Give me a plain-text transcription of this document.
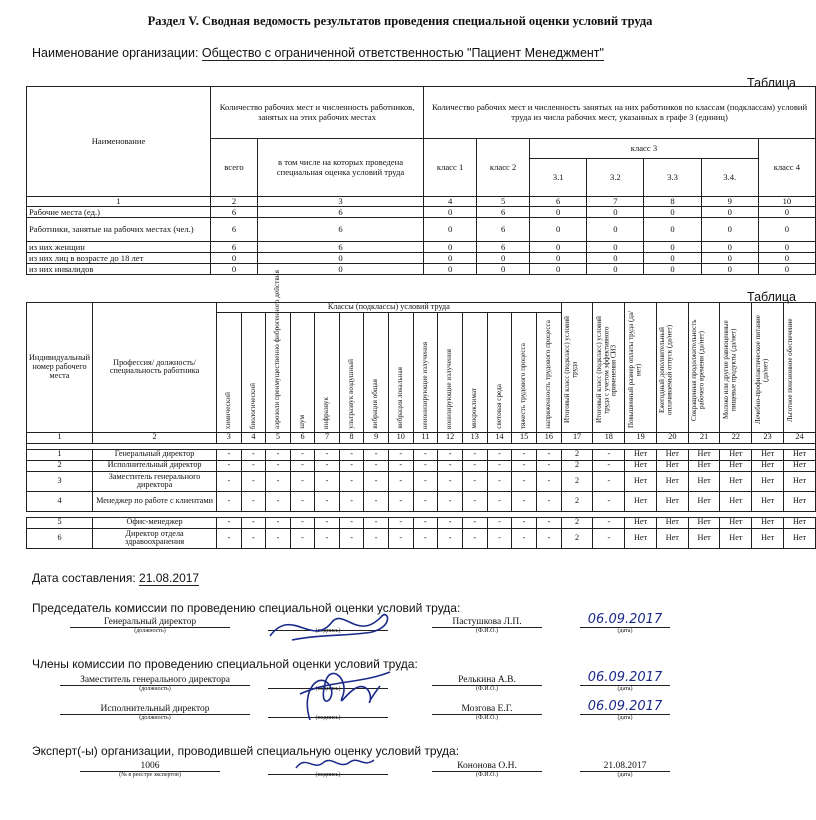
Раздел V. Сводная ведомость результатов проведения специальной оценки условий труда
Наименование организации: Общество с ограниченной ответственностью "Пациент Менеджмент"
Таблица
Наименование	Количество рабочих мест и численность работников, занятых на этих рабочих местах		Количество рабочих мест и численность занятых на них работников по классам (подклассам) условий труда из числа рабочих мест, указанных в графе 3 (единиц)						
	всего	в том числе на которых проведена специальная оценка условий труда	класс 1	класс 2	класс 3				класс 4
					3.1	3.2	3.3	3.4.	
1	2	3	4	5	6	7	8	9	10
Рабочие места (ед.)	6	6	0	6	0	0	0	0	0
Работники, занятые на рабочих местах (чел.)	6	6	0	6	0	0	0	0	0
из них женщин	6	6	0	6	0	0	0	0	0
из них лиц в возрасте до 18 лет	0	0	0	0	0	0	0	0	0
из них инвалидов	0	0	0	0	0	0	0	0	0
Таблица
Индивидуальный номер рабочего места	Профессия/ должность/ специальность работника	Классы (подклассы) условий труда														Итоговый класс (подкласс) условий труда	Итоговый класс (подкласс) условий труда с учетом эффективного применения СИЗ	Повышенный размер оплаты труда (да/нет)	Ежегодный дополнительный оплачиваемый отпуск (да/нет)	Сокращенная продолжительность рабочего времени (да/нет)	Молоко или другие равноценные пищевые продукты (да/нет)	Лечебно-профилактическое питание (да/нет)	Льготное пенсионное обеспечение
		химический	биологический	аэрозоли преимущественно фиброгенного действия	шум	инфразвук	ультразвук воздушный	вибрация общая	вибрация локальная	неионизирующие излучения	ионизирующие излучения	микроклимат	световая среда	тяжесть трудового процесса	напряженность трудового процесса								
1	2	3	4	5	6	7	8	9	10	11	12	13	14	15	16	17	18	19	20	21	22	23	24

1	Генеральный директор	-	-	-	-	-	-	-	-	-	-	-	-	-	-	2	-	Нет	Нет	Нет	Нет	Нет	Нет
2	Исполнительный директор	-	-	-	-	-	-	-	-	-	-	-	-	-	-	2	-	Нет	Нет	Нет	Нет	Нет	Нет
3	Заместитель генерального директора	-	-	-	-	-	-	-	-	-	-	-	-	-	-	2	-	Нет	Нет	Нет	Нет	Нет	Нет
4	Менеджер по работе с клиентами	-	-	-	-	-	-	-	-	-	-	-	-	-	-	2	-	Нет	Нет	Нет	Нет	Нет	Нет

5	Офис-менеджер	-	-	-	-	-	-	-	-	-	-	-	-	-	-	2	-	Нет	Нет	Нет	Нет	Нет	Нет
6	Директор отдела здравоохранения	-	-	-	-	-	-	-	-	-	-	-	-	-	-	2	-	Нет	Нет	Нет	Нет	Нет	Нет
Дата составления: 21.08.2017
Председатель комиссии по проведению специальной оценки условий труда:
Генеральный директор
(должность)	(подпись)
Пастушкова Л.П.
(Ф.И.О.)
06.09.2017
(дата)
Члены комиссии по проведению специальной оценки условий труда:
Заместитель генерального директора
(должность)	(подпись)
Релькина А.В.
(Ф.И.О.)
06.09.2017
(дата)
Исполнительный директор
(должность)	(подпись)
Мозгова Е.Г.
(Ф.И.О.)
06.09.2017
(дата)
Эксперт(-ы) организации, проводившей специальную оценку условий труда:
1006
(№ в реестре экспертов)	(подпись)
Кононова О.Н.
(Ф.И.О.)
21.08.2017
(дата)
